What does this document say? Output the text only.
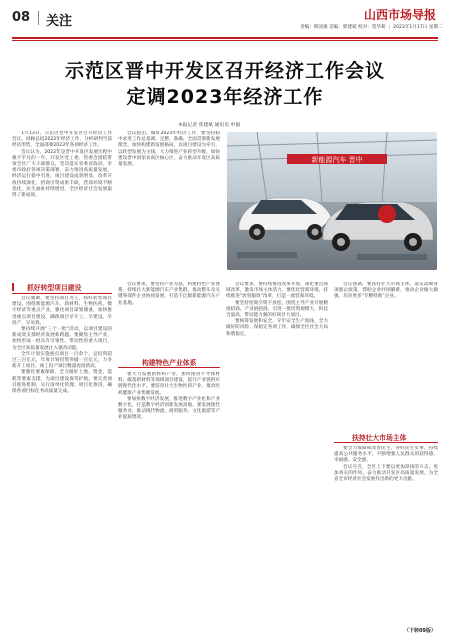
08 关注	山西市场导报
责编：韩国强 美编：郭建斌 校对：贺华莉 ｜ 2023年1月17日 星期二
示范区晋中开发区召开经济工作会议
定调2023年经济工作
本报记者 焦建斌 通讯员 申毅

1月13日，示范区晋中开发区召开经济工作会议，回顾总结2022年经济工作，分析研判当前经济形势，全面部署2023年各项经济工作。

会议认为，2022年是晋中开发区发展历程中极不平凡的一年，开发区党工委、管委会团结带领全区广大干部群众，坚决落实省委省政府、市委市政府各项决策部署，奋力推进高质量发展，经济运行稳中有进，项目建设成效明显，改革开放持续深化，招商引资成果丰硕，营商环境不断优化，民生福祉持续增进，全区经济社会发展取得了新成效。

会议指出，做好2023年经济工作，要坚持稳中求进工作总基调，完整、准确、全面贯彻新发展理念，加快构建新发展格局，以项目建设为牵引，以转型发展为主线，大力推进产业转型升级，加快建设晋中国家农高区核心区，奋力推动开发区高质量发展。

新能源汽车 晋中
抓好转型项目建设

会议强调，要坚持项目为王，抓好转型项目建设。围绕新能源汽车、新材料、生物医药、数字经济等重点产业，强化项目谋划储备，加快推进重点项目建设，确保项目早开工、早建设、早投产、早见效。

要持续开展“三个一批”活动，以项目建设的新成效支撑经济发展新跨越。要聚焦主导产业，加快形成一批具有引领性、带动性的重大项目，为全区高质量发展注入强劲动能。

全年计划实施重点项目一百余个，总投资超过三百亿元，年度计划投资突破一百亿元，力争新开工项目、竣工投产项目数量再创新高。

要强化要素保障，全力做好土地、资金、能耗等要素支撑，为项目建设保驾护航。要完善项目推进机制，实行清单化管理、项目化推进，确保各项目标任务高质量完成。

会议要求，要坚持产业为基，构建特色产业体系。持续壮大新能源汽车产业集群，推动整车及关键零部件企业协同发展，打造千亿级新能源汽车产业基地。

构建特色产业体系

要大力发展新材料产业，加快推进半导体材料、碳基新材料等领域项目建设，提升产业链供应链现代化水平。要培育壮大生物医药产业，推动医药健康产业集聚发展。

要加快数字经济发展，推进数字产业化和产业数字化，打造数字经济创新发展高地。要发展现代服务业，推动现代物流、商贸服务、文化旅游等产业提质增效。

会议要求，要持续推进改革开放，深化重点领域改革，激发市场主体活力。要优化营商环境，持续推进“放管服效”改革，打造一流营商环境。

要坚持招商引资不放松，围绕主导产业开展精准招商、产业链招商，引进一批投资规模大、科技含量高、带动能力强的好项目大项目。

要统筹发展和安全，守牢安全生产底线，全力做好防风险、保稳定各项工作，确保全区社会大局和谐稳定。

会议强调，要扶持壮大市场主体，落实落细各项惠企政策，帮助企业纾困解难，推动企业做大做强，培育更多“专精特新”企业。

扶持壮大市场主体

要全力保障和改善民生，办好民生实事，持续提高公共服务水平，不断增强人民群众的获得感、幸福感、安全感。

会议号召，全区上下要以更加昂扬的斗志、更加务实的作风，奋力推动开发区高质量发展，为全省全市经济社会发展作出新的更大贡献。

（下转09版）
